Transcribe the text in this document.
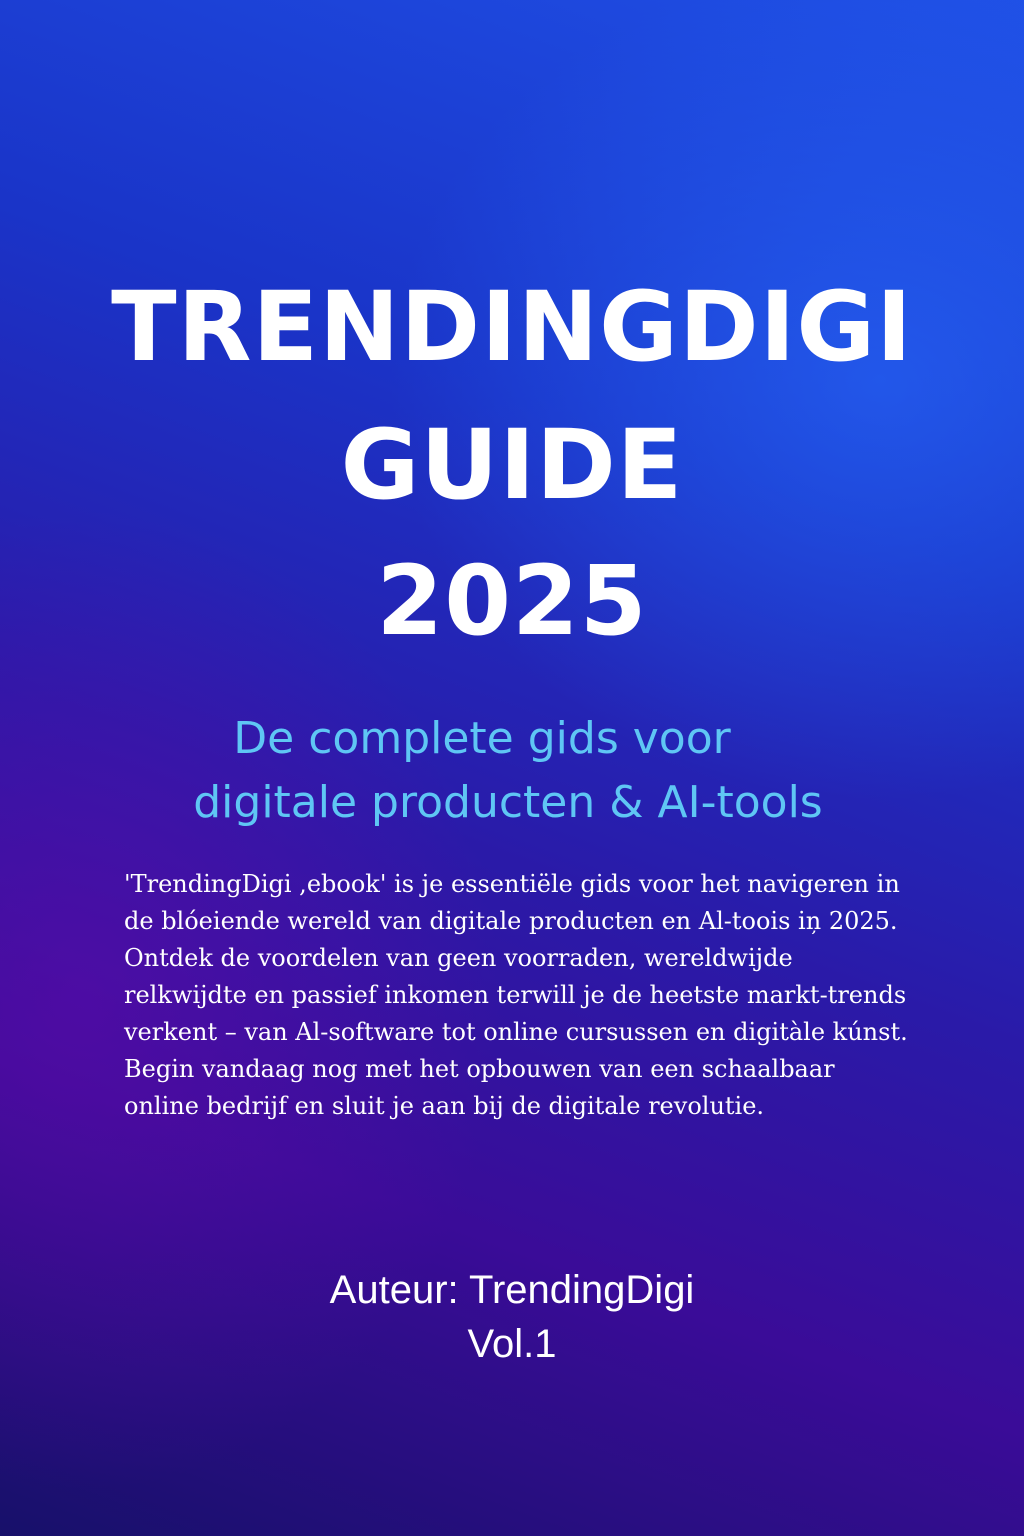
TRENDINGDIGI
GUIDE
2025

De complete gids voor

digitale producten & AI-tools

'TrendingDigi ,ebook' is je essentiële gids voor het navigeren in de blóeiende wereld van digitale producten en Al-toois iņ 2025. Ontdek de voordelen van geen voorraden, wereldwijde relkwijdte en passief inkomen terwill je de heetste markt-trends verkent – van Al-software tot online cursussen en digitàle kúnst. Begin vandaag nog met het opbouwen van een schaalbaar online bedrijf en sluit je aan bij de digitale revolutie.

Auteur: TrendingDigi

Vol.1
